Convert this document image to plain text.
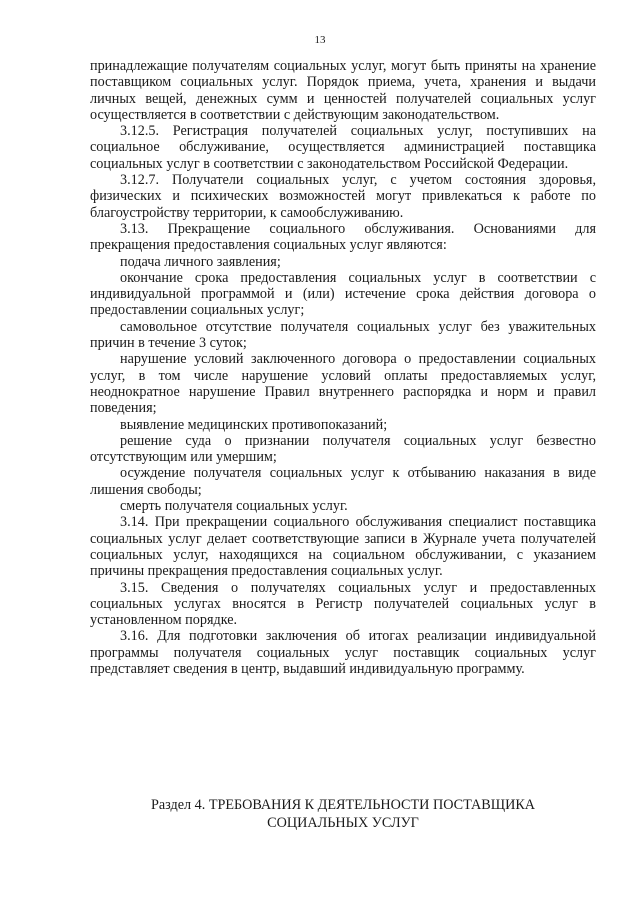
13

принадлежащие получателям социальных услуг, могут быть приняты на хранение поставщиком социальных услуг. Порядок приема, учета, хранения и выдачи личных вещей, денежных сумм и ценностей получателей социальных услуг осуществляется в соответствии с действующим законодательством.

3.12.5. Регистрация получателей социальных услуг, поступивших на социальное обслуживание, осуществляется администрацией поставщика социальных услуг в соответствии с законодательством Российской Федерации.

3.12.7. Получатели социальных услуг, с учетом состояния здоровья, физических и психических возможностей могут привлекаться к работе по благоустройству территории, к самообслуживанию.

3.13. Прекращение социального обслуживания. Основаниями для прекращения предоставления социальных услуг являются:

подача личного заявления;

окончание срока предоставления социальных услуг в соответствии с индивидуальной программой и (или) истечение срока действия договора о предоставлении социальных услуг;

самовольное отсутствие получателя социальных услуг без уважительных причин в течение 3 суток;

нарушение условий заключенного договора о предоставлении социальных услуг, в том числе нарушение условий оплаты предоставляемых услуг, неоднократное нарушение Правил внутреннего распорядка и норм и правил поведения;

выявление медицинских противопоказаний;

решение суда о признании получателя социальных услуг безвестно отсутствующим или умершим;

осуждение получателя социальных услуг к отбыванию наказания в виде лишения свободы;

смерть получателя социальных услуг.

3.14. При прекращении социального обслуживания специалист поставщика социальных услуг делает соответствующие записи в Журнале учета получателей социальных услуг, находящихся на социальном обслуживании, с указанием причины прекращения предоставления социальных услуг.

3.15. Сведения о получателях социальных услуг и предоставленных социальных услугах вносятся в Регистр получателей социальных услуг в установленном порядке.

3.16. Для подготовки заключения об итогах реализации индивидуальной программы получателя социальных услуг поставщик социальных услуг представляет сведения в центр, выдавший индивидуальную программу.

Раздел 4. ТРЕБОВАНИЯ К ДЕЯТЕЛЬНОСТИ ПОСТАВЩИКА
СОЦИАЛЬНЫХ УСЛУГ
